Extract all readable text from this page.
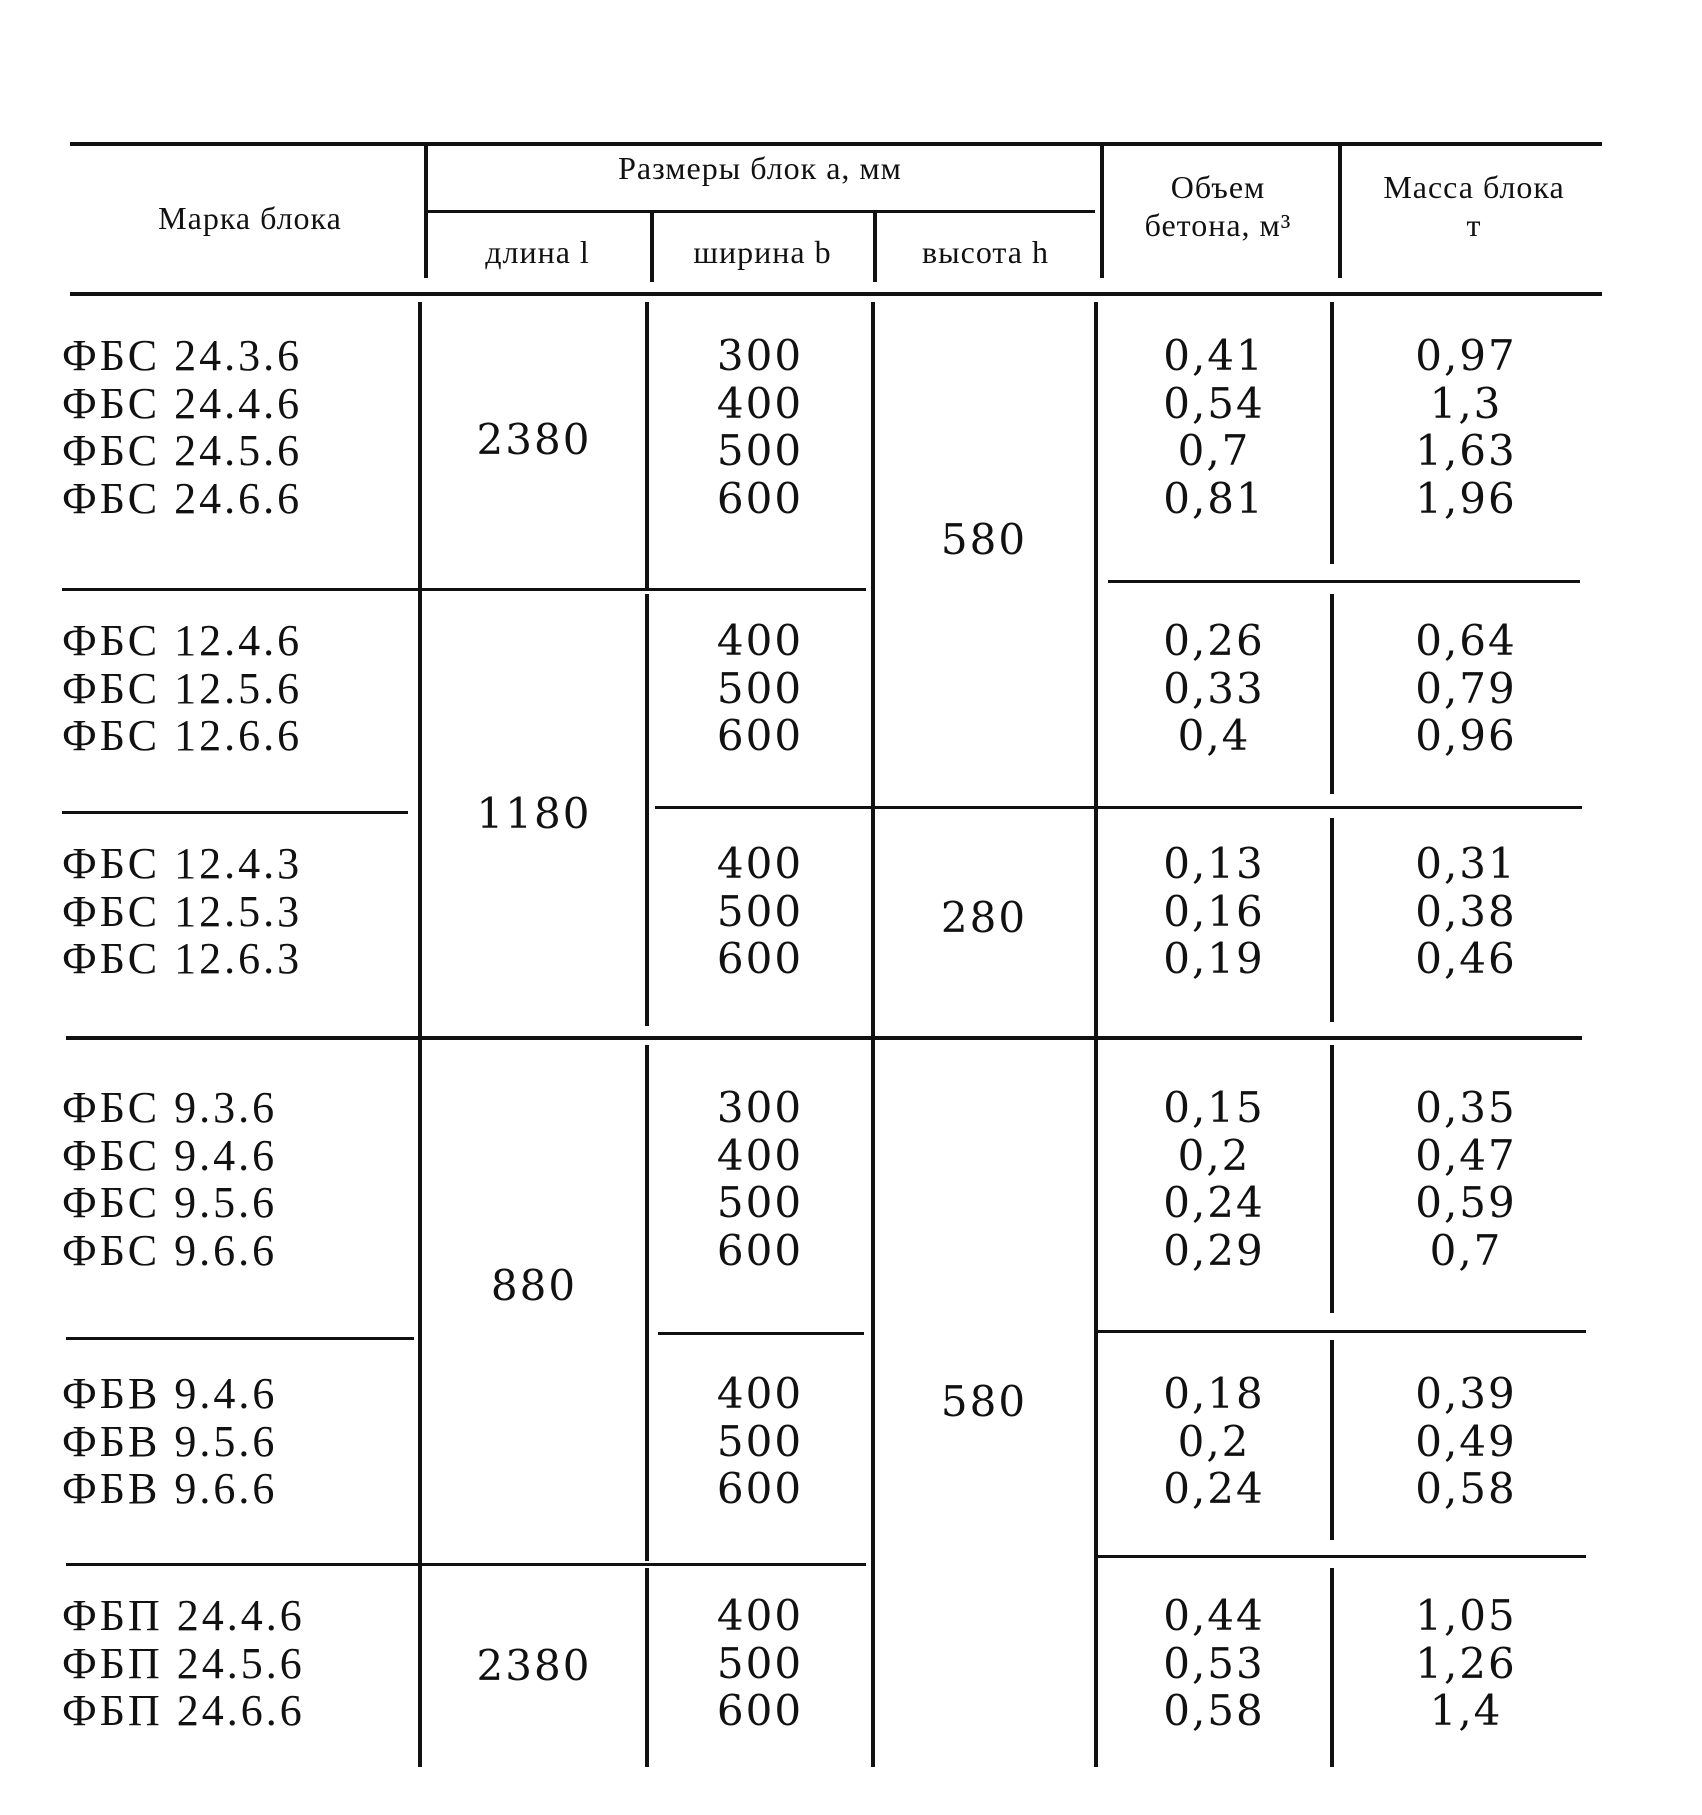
Марка блока
Размеры блок а, мм
длина l	ширина b	высота h
Объем
бетона, м³
Масса блока
т
2380
1180
880
2380
580
280
580
ФБС 24.3.6
ФБС 24.4.6
ФБС 24.5.6
ФБС 24.6.6
300
400
500
600
0,41
0,54
0,7
0,81
0,97
1,3
1,63
1,96
ФБС 12.4.6
ФБС 12.5.6
ФБС 12.6.6
400
500
600
0,26
0,33
0,4
0,64
0,79
0,96
ФБС 12.4.3
ФБС 12.5.3
ФБС 12.6.3
400
500
600
0,13
0,16
0,19
0,31
0,38
0,46
ФБС 9.3.6
ФБС 9.4.6
ФБС 9.5.6
ФБС 9.6.6
300
400
500
600
0,15
0,2
0,24
0,29
0,35
0,47
0,59
0,7
ФБВ 9.4.6
ФБВ 9.5.6
ФБВ 9.6.6
400
500
600
0,18
0,2
0,24
0,39
0,49
0,58
ФБП 24.4.6
ФБП 24.5.6
ФБП 24.6.6
400
500
600
0,44
0,53
0,58
1,05
1,26
1,4
